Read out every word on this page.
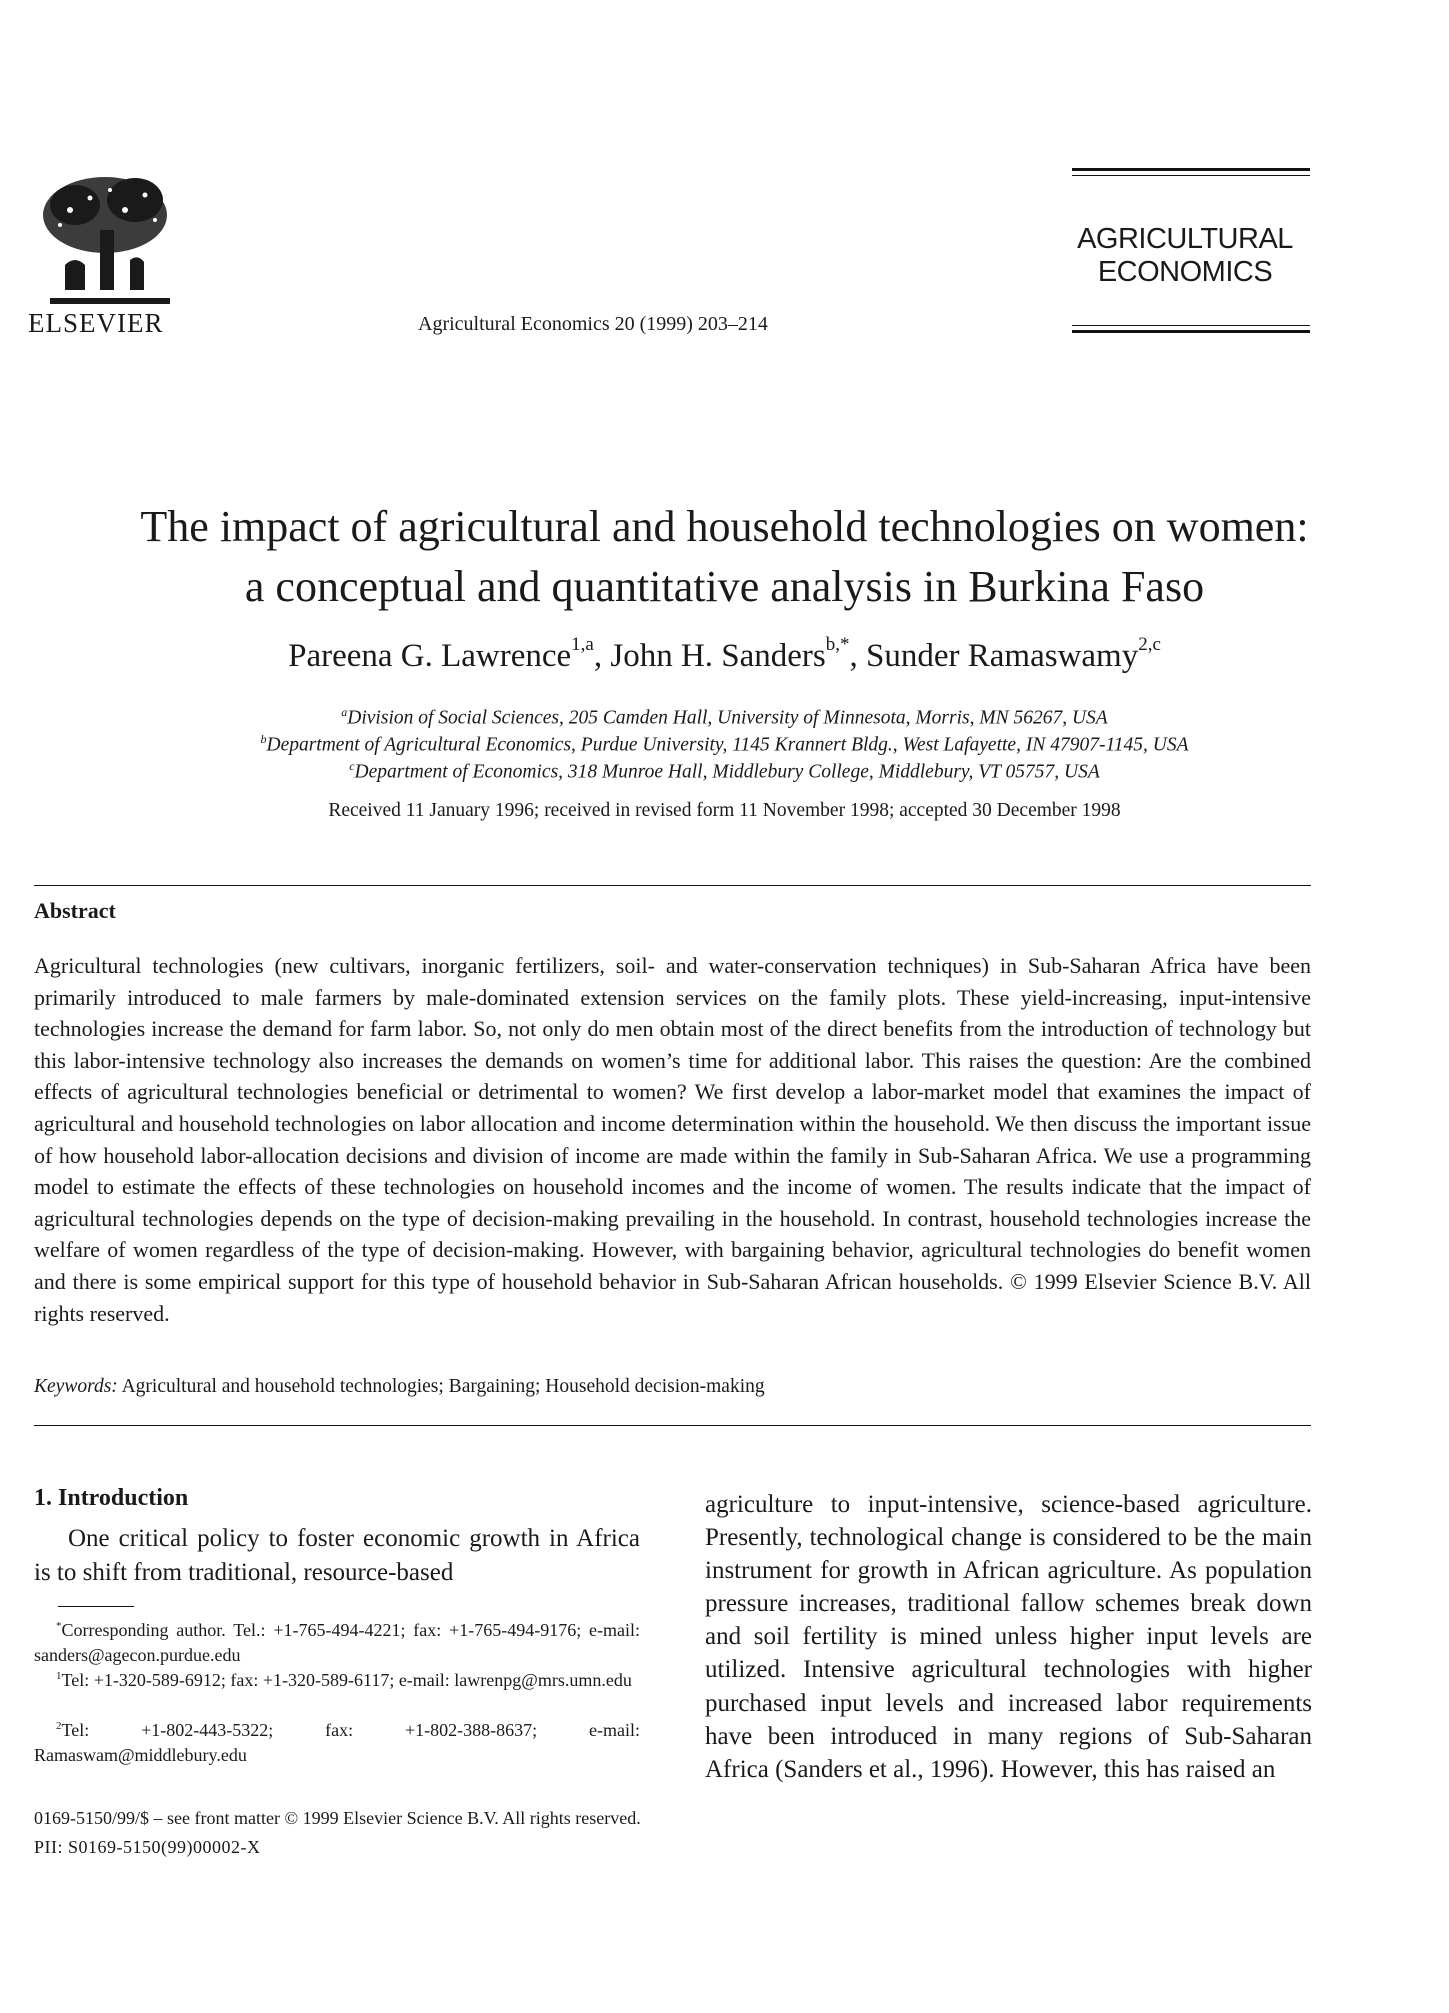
ELSEVIER	Agricultural Economics 20 (1999) 203–214
AGRICULTURAL
ECONOMICS
The impact of agricultural and household technologies on women:
a conceptual and quantitative analysis in Burkina Faso
Pareena G. Lawrence$^{1,a}$, John H. Sanders$^{b,*}$, Sunder Ramaswamy$^{2,c}$
$^a$Division of Social Sciences, 205 Camden Hall, University of Minnesota, Morris, MN 56267, USA
$^b$Department of Agricultural Economics, Purdue University, 1145 Krannert Bldg., West Lafayette, IN 47907-1145, USA
$^c$Department of Economics, 318 Munroe Hall, Middlebury College, Middlebury, VT 05757, USA
Received 11 January 1996; received in revised form 11 November 1998; accepted 30 December 1998
Abstract
Agricultural technologies (new cultivars, inorganic fertilizers, soil- and water-conservation techniques) in Sub-Saharan Africa have been primarily introduced to male farmers by male-dominated extension services on the family plots. These yield-increasing, input-intensive technologies increase the demand for farm labor. So, not only do men obtain most of the direct benefits from the introduction of technology but this labor-intensive technology also increases the demands on women’s time for additional labor. This raises the question: Are the combined effects of agricultural technologies beneficial or detrimental to women? We first develop a labor-market model that examines the impact of agricultural and household technologies on labor allocation and income determination within the household. We then discuss the important issue of how household labor-allocation decisions and division of income are made within the family in Sub-Saharan Africa. We use a programming model to estimate the effects of these technologies on household incomes and the income of women. The results indicate that the impact of agricultural technologies depends on the type of decision-making prevailing in the household. In contrast, household technologies increase the welfare of women regardless of the type of decision-making. However, with bargaining behavior, agricultural technologies do benefit women and there is some empirical support for this type of household behavior in Sub-Saharan African households. © 1999 Elsevier Science B.V. All rights reserved.
Keywords: Agricultural and household technologies; Bargaining; Household decision-making
1. Introduction
One critical policy to foster economic growth in Africa is to shift from traditional, resource-based
agriculture to input-intensive, science-based agriculture. Presently, technological change is considered to be the main instrument for growth in African agriculture. As population pressure increases, traditional fallow schemes break down and soil fertility is mined unless higher input levels are utilized. Intensive agricultural technologies with higher purchased input levels and increased labor requirements have been introduced in many regions of Sub-Saharan Africa (Sanders et al., 1996). However, this has raised an
*Corresponding author. Tel.: +1-765-494-4221; fax: +1-765-494-9176; e-mail: sanders@agecon.purdue.edu
$^1$Tel: +1-320-589-6912; fax: +1-320-589-6117; e-mail: lawrenpg@mrs.umn.edu
$^2$Tel: +1-802-443-5322; fax: +1-802-388-8637; e-mail: Ramaswam@middlebury.edu
0169-5150/99/$ – see front matter © 1999 Elsevier Science B.V. All rights reserved.
PII: S0169-5150(99)00002-X
